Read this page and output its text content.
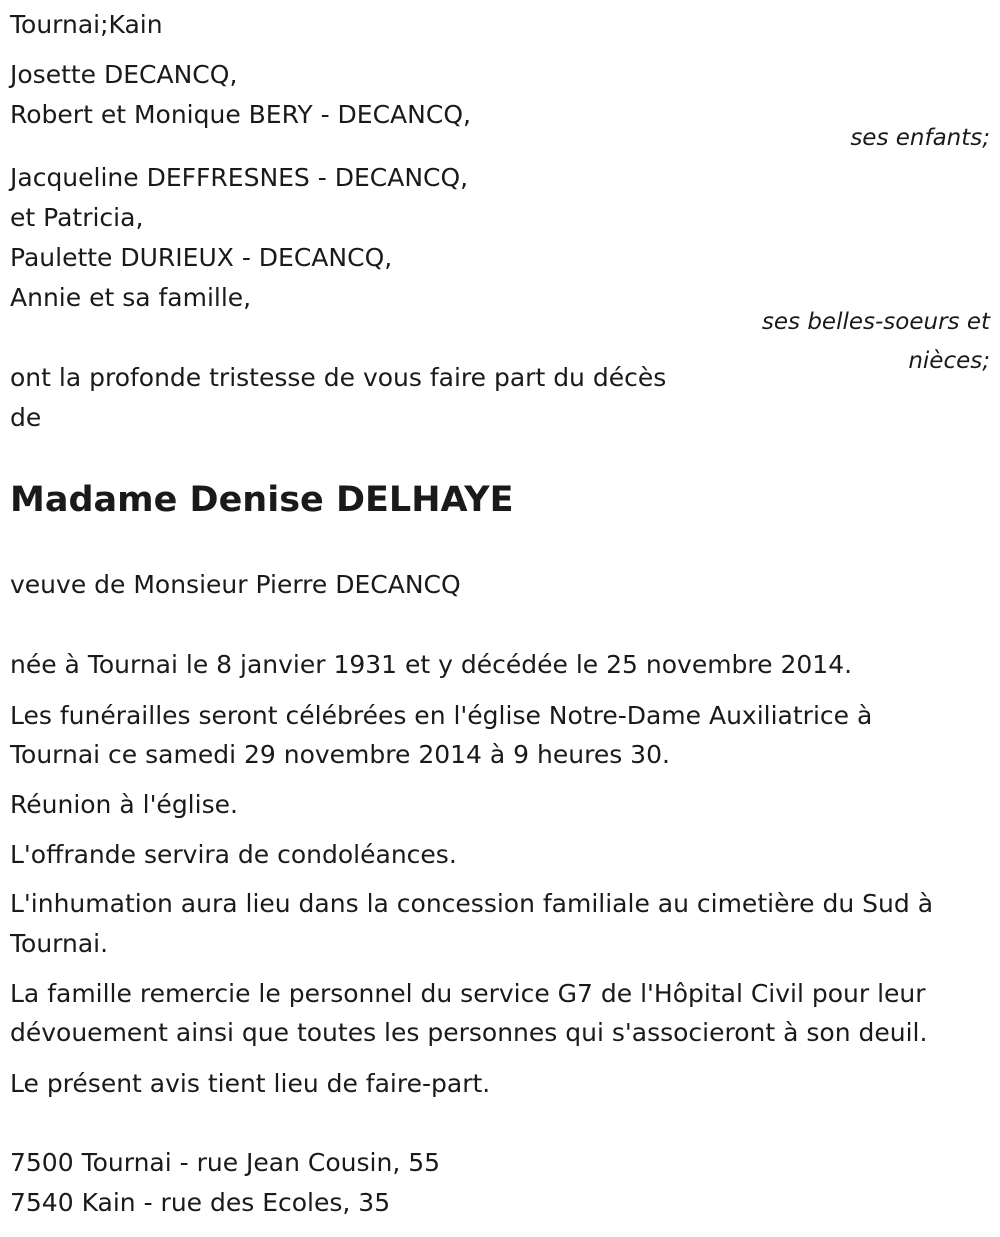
Tournai;Kain
Josette DECANCQ,
Robert et Monique BERY - DECANCQ,
ses enfants;
Jacqueline DEFFRESNES - DECANCQ,
et Patricia,
Paulette DURIEUX - DECANCQ,
Annie et sa famille,
ses belles-soeurs et
nièces;
ont la profonde tristesse de vous faire part du décès
de
Madame Denise DELHAYE
veuve de Monsieur Pierre DECANCQ
née à Tournai le 8 janvier 1931 et y décédée le 25 novembre 2014.
Les funérailles seront célébrées en l'église Notre-Dame Auxiliatrice à
Tournai ce samedi 29 novembre 2014 à 9 heures 30.
Réunion à l'église.
L'offrande servira de condoléances.
L'inhumation aura lieu dans la concession familiale au cimetière du Sud à
Tournai.
La famille remercie le personnel du service G7 de l'Hôpital Civil pour leur
dévouement ainsi que toutes les personnes qui s'associeront à son deuil.
Le présent avis tient lieu de faire-part.
7500 Tournai - rue Jean Cousin, 55
7540 Kain - rue des Ecoles, 35
